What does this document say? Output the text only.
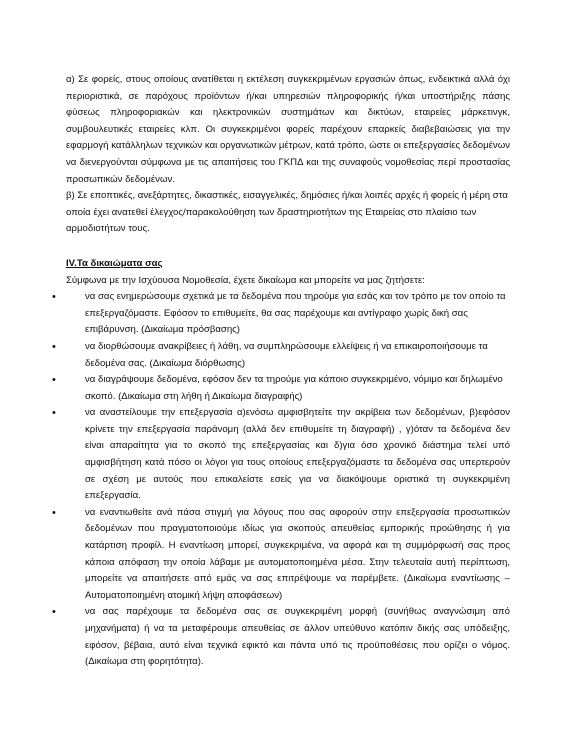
α) Σε φορείς, στους οποίους ανατίθεται η εκτέλεση συγκεκριμένων εργασιών όπως, ενδεικτικά αλλά όχι περιοριστικά, σε παρόχους προϊόντων ή/και υπηρεσιών πληροφορικής ή/και υποστήριξης πάσης φύσεως πληροφοριακών και ηλεκτρονικών συστημάτων και δικτύων, εταιρείες μάρκετινγκ, συμβουλευτικές εταιρείες κλπ. Οι συγκεκριμένοι φορείς παρέχουν επαρκείς διαβεβαιώσεις για την εφαρμογή κατάλληλων τεχνικών και οργανωτικών μέτρων, κατά τρόπο, ώστε οι επεξεργασίες δεδομένων να διενεργούνται σύμφωνα με τις απαιτήσεις του ΓΚΠΔ και της συναφούς νομοθεσίας περί προστασίας προσωπικών δεδομένων.

β) Σε εποπτικές, ανεξάρτητες, δικαστικές, εισαγγελικές, δημόσιες ή/και λοιπές αρχές ή φορείς ή μέρη στα οποία έχει ανατεθεί έλεγχος/παρακολούθηση των δραστηριοτήτων της Εταιρείας στο πλαίσιο των αρμοδιοτήτων τους.

IV.Τα δικαιώματα σας

Σύμφωνα με την Ισχύουσα Νομοθεσία, έχετε δικαίωμα και μπορείτε να μας ζητήσετε:

•	να σας ενημερώσουμε σχετικά με τα δεδομένα που τηρούμε για εσάς και τον τρόπο με τον οποίο τα επεξεργαζόμαστε. Εφόσον το επιθυμείτε, θα σας παρέχουμε και αντίγραφο χωρίς δική σας επιβάρυνση. (Δικαίωμα πρόσβασης)
•	να διορθώσουμε ανακρίβειες ή λάθη, να συμπληρώσουμε ελλείψεις ή να επικαιροποιήσουμε τα δεδομένα σας. (Δικαίωμα διόρθωσης)
•	να διαγράψουμε δεδομένα, εφόσον δεν τα τηρούμε για κάποιο συγκεκριμένο, νόμιμο και δηλωμένο σκοπό. (Δικαίωμα στη λήθη ή Δικαίωμα διαγραφής)
•	να αναστείλουμε την επεξεργασία α)ενόσω αμφισβητείτε την ακρίβεια των δεδομένων, β)εφόσον κρίνετε την επεξεργασία παράνομη (αλλά δεν επιθυμείτε τη διαγραφή) , γ)όταν τα δεδομένα δεν είναι απαραίτητα για το σκοπό της επεξεργασίας και δ)για όσο χρονικό διάστημα τελεί υπό αμφισβήτηση κατά πόσο οι λόγοι για τους οποίους επεξεργαζόμαστε τα δεδομένα σας υπερτερούν σε σχέση με αυτούς που επικαλείστε εσείς για να διακόψουμε οριστικά τη συγκεκριμένη επεξεργασία.
•	να εναντιωθείτε ανά πάσα στιγμή για λόγους που σας αφορούν στην επεξεργασία προσωπικών δεδομένων που πραγματοποιούμε ιδίως για σκοπούς απευθείας εμπορικής προώθησης ή για κατάρτιση προφίλ. Η εναντίωση μπορεί, συγκεκριμένα, να αφορά και τη συμμόρφωσή σας προς κάποια απόφαση την οποία λάβαμε με αυτοματοποιημένα μέσα. Στην τελευταία αυτή περίπτωση, μπορείτε να απαιτήσετε από εμάς να σας επιτρέψουμε να παρέμβετε. (Δικαίωμα εναντίωσης – Αυτοματοποιημένη ατομική λήψη αποφάσεων)
•	να σας παρέχουμε τα δεδομένα σας σε συγκεκριμένη μορφή (συνήθως αναγνώσιμη από μηχανήματα) ή να τα μεταφέρουμε απευθείας σε άλλον υπεύθυνο κατόπιν δικής σας υπόδειξης, εφόσον, βέβαια, αυτό είναι τεχνικά εφικτό και πάντα υπό τις προϋποθέσεις που ορίζει ο νόμος. (Δικαίωμα στη φορητότητα).
